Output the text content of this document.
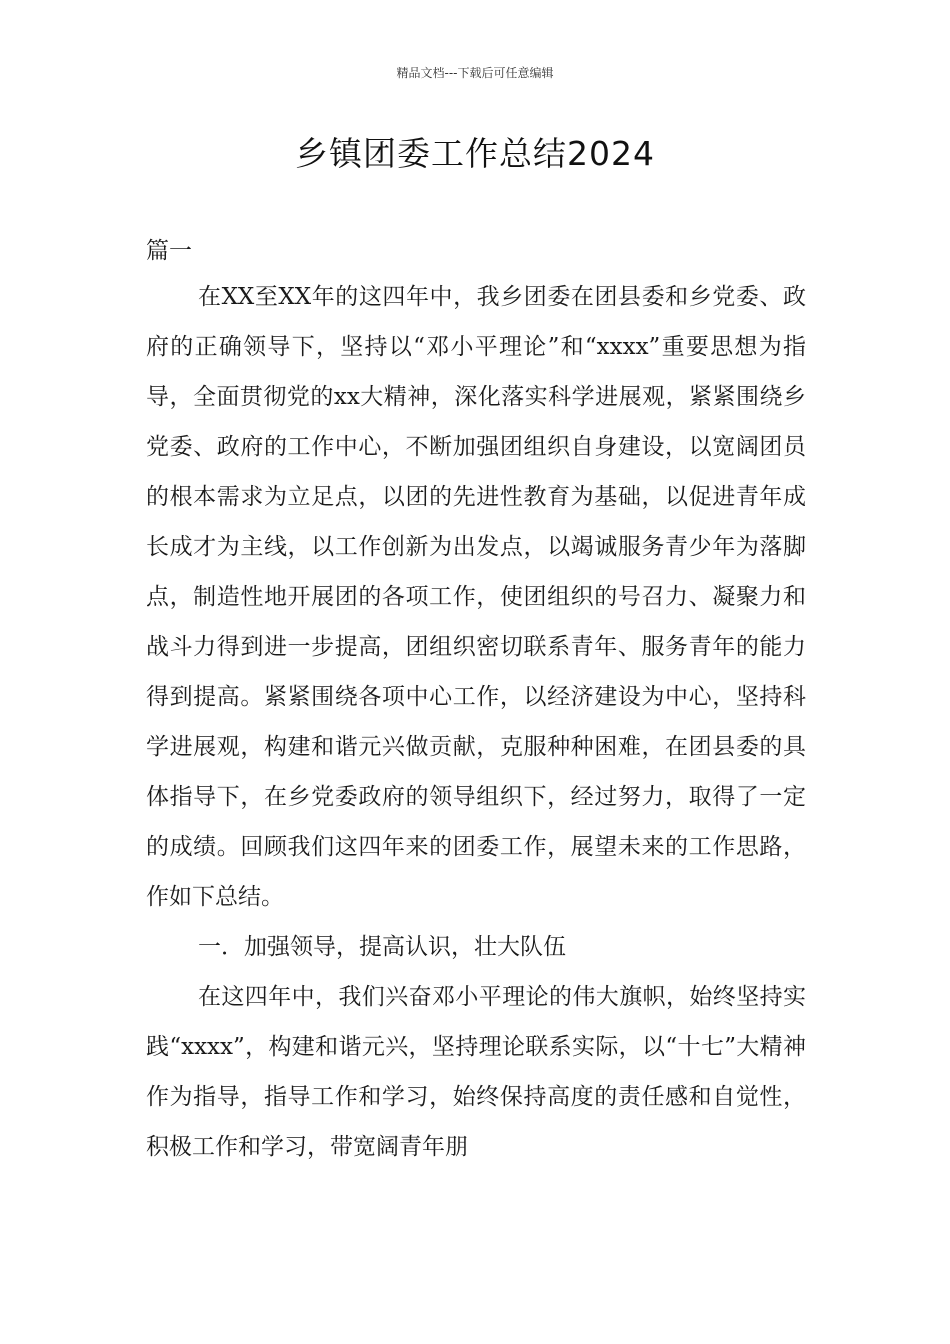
精品文档---下载后可任意编辑
乡镇团委工作总结2024
篇一

在XX至XX年的这四年中，我乡团委在团县委和乡党委、政府的正确领导下，坚持以“邓小平理论”和“xxxx”重要思想为指导，全面贯彻党的xx大精神，深化落实科学进展观，紧紧围绕乡党委、政府的工作中心，不断加强团组织自身建设，以宽阔团员的根本需求为立足点，以团的先进性教育为基础，以促进青年成长成才为主线，以工作创新为出发点，以竭诚服务青少年为落脚点，制造性地开展团的各项工作，使团组织的号召力、凝聚力和战斗力得到进一步提高，团组织密切联系青年、服务青年的能力得到提高。紧紧围绕各项中心工作，以经济建设为中心，坚持科学进展观，构建和谐元兴做贡献，克服种种困难，在团县委的具体指导下，在乡党委政府的领导组织下，经过努力，取得了一定的成绩。回顾我们这四年来的团委工作，展望未来的工作思路，作如下总结。

一．加强领导，提高认识，壮大队伍

在这四年中，我们兴奋邓小平理论的伟大旗帜，始终坚持实践“xxxx”，构建和谐元兴，坚持理论联系实际，以“十七”大精神作为指导，指导工作和学习，始终保持高度的责任感和自觉性，积极工作和学习，带宽阔青年朋
